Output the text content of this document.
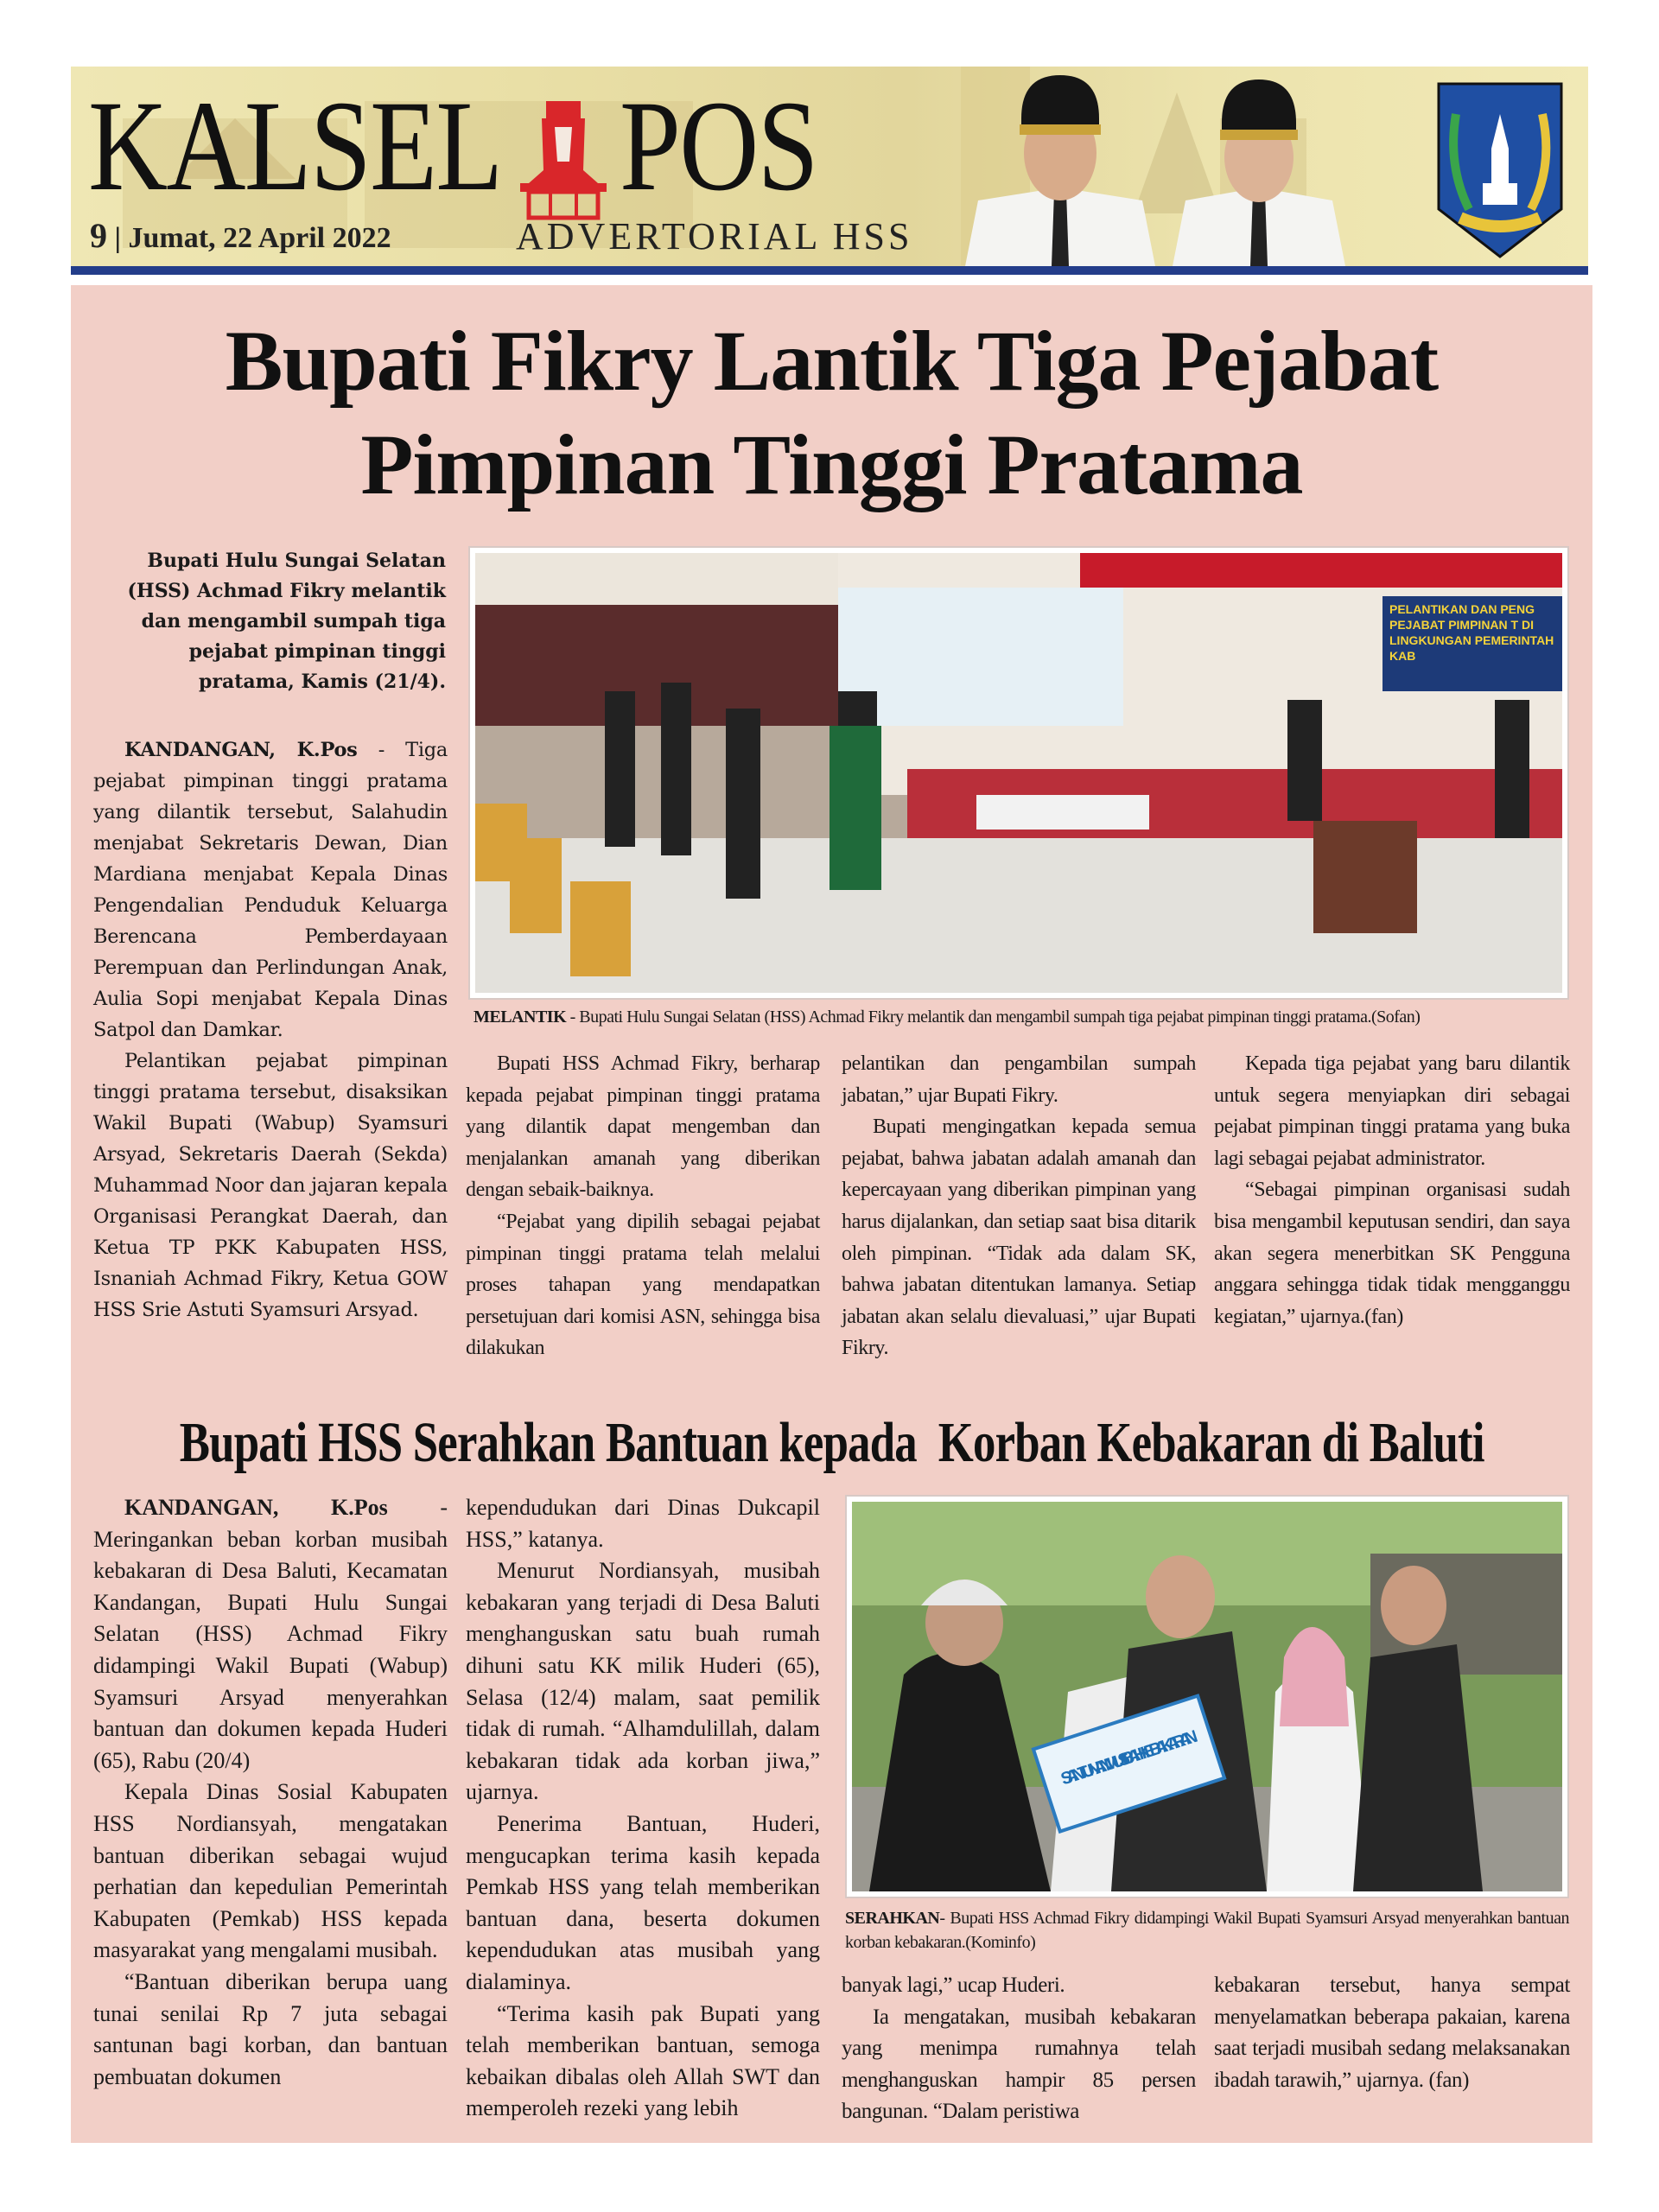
KALSEL POS
9 | Jumat, 22 April 2022	ADVERTORIAL HSS
Bupati Fikry Lantik Tiga Pejabat
Pimpinan Tinggi Pratama
Bupati Hulu Sungai Selatan (HSS) Achmad Fikry melantik dan mengambil sumpah tiga pejabat pimpinan tinggi pratama, Kamis (21/4).
PELANTIKAN DAN PENG PEJABAT PIMPINAN T DI LINGKUNGAN PEMERINTAH KAB
MELANTIK - Bupati Hulu Sungai Selatan (HSS) Achmad Fikry melantik dan mengambil sumpah tiga pejabat pimpinan tinggi pratama.(Sofan)

KANDANGAN, K.Pos - Tiga pejabat pimpinan tinggi pratama yang dilantik tersebut, Salahudin menjabat Sekretaris Dewan, Dian Mardiana menjabat Kepala Dinas Pengendalian Penduduk Keluarga Berencana Pemberdayaan Perempuan dan Perlindungan Anak, Aulia Sopi menjabat Kepala Dinas Satpol dan Damkar.

Pelantikan pejabat pimpinan tinggi pratama tersebut, disaksikan Wakil Bupati (Wabup) Syamsuri Arsyad, Sekretaris Daerah (Sekda) Muhammad Noor dan jajaran kepala Organisasi Perangkat Daerah, dan Ketua TP PKK Kabupaten HSS, Isnaniah Achmad Fikry, Ketua GOW HSS Srie Astuti Syamsuri Arsyad.

Bupati HSS Achmad Fikry, berharap kepada pejabat pimpinan tinggi pratama yang dilantik dapat mengemban dan menjalankan amanah yang diberikan dengan sebaik-baiknya.

“Pejabat yang dipilih sebagai pejabat pimpinan tinggi pratama telah melalui proses tahapan yang mendapatkan persetujuan dari komisi ASN, sehingga bisa dilakukan

pelantikan dan pengambilan sumpah jabatan,” ujar Bupati Fikry.

Bupati mengingatkan kepada semua pejabat, bahwa jabatan adalah amanah dan kepercayaan yang diberikan pimpinan yang harus dijalankan, dan setiap saat bisa ditarik oleh pimpinan. “Tidak ada dalam SK, bahwa jabatan ditentukan lamanya. Setiap jabatan akan selalu dievaluasi,” ujar Bupati Fikry.

Kepada tiga pejabat yang baru dilantik untuk segera menyiapkan diri sebagai pejabat pimpinan tinggi pratama yang buka lagi sebagai pejabat administrator.

“Sebagai pimpinan organisasi sudah bisa mengambil keputusan sendiri, dan saya akan segera menerbitkan SK Pengguna anggara sehingga tidak tidak mengganggu kegiatan,” ujarnya.(fan)

Bupati HSS Serahkan Bantuan kepada  Korban Kebakaran di Baluti

KANDANGAN, K.Pos - Meringankan beban korban musibah kebakaran di Desa Baluti, Kecamatan Kandangan, Bupati Hulu Sungai Selatan (HSS) Achmad Fikry didampingi Wakil Bupati (Wabup) Syamsuri Arsyad menyerahkan bantuan dan dokumen kepada Huderi (65), Rabu (20/4)

Kepala Dinas Sosial Kabupaten HSS Nordiansyah, mengatakan bantuan diberikan sebagai wujud perhatian dan kepedulian Pemerintah Kabupaten (Pemkab) HSS kepada masyarakat yang mengalami musibah.

“Bantuan diberikan berupa uang tunai senilai Rp 7 juta sebagai santunan bagi korban, dan bantuan pembuatan dokumen

kependudukan dari Dinas Dukcapil HSS,” katanya.

Menurut Nordiansyah, musibah kebakaran yang terjadi di Desa Baluti menghanguskan satu buah rumah dihuni satu KK milik Huderi (65), Selasa (12/4) malam, saat pemilik tidak di rumah. “Alhamdulillah, dalam kebakaran tidak ada korban jiwa,” ujarnya.

Penerima Bantuan, Huderi, mengucapkan terima kasih kepada Pemkab HSS yang telah memberikan bantuan dana, beserta dokumen kependudukan atas musibah yang dialaminya.

“Terima kasih pak Bupati yang telah memberikan bantuan, semoga kebaikan dibalas oleh Allah SWT dan memperoleh rezeki yang lebih

SANTUNAN MUSIBAH KEBAKARAN
SERAHKAN- Bupati HSS Achmad Fikry didampingi Wakil Bupati Syamsuri Arsyad menyerahkan bantuan korban kebakaran.(Kominfo)

banyak lagi,” ucap Huderi.

Ia mengatakan, musibah kebakaran yang menimpa rumahnya telah menghanguskan hampir 85 persen bangunan. “Dalam peristiwa

kebakaran tersebut, hanya sempat menyelamatkan beberapa pakaian, karena saat terjadi musibah sedang melaksanakan ibadah tarawih,” ujarnya. (fan)
